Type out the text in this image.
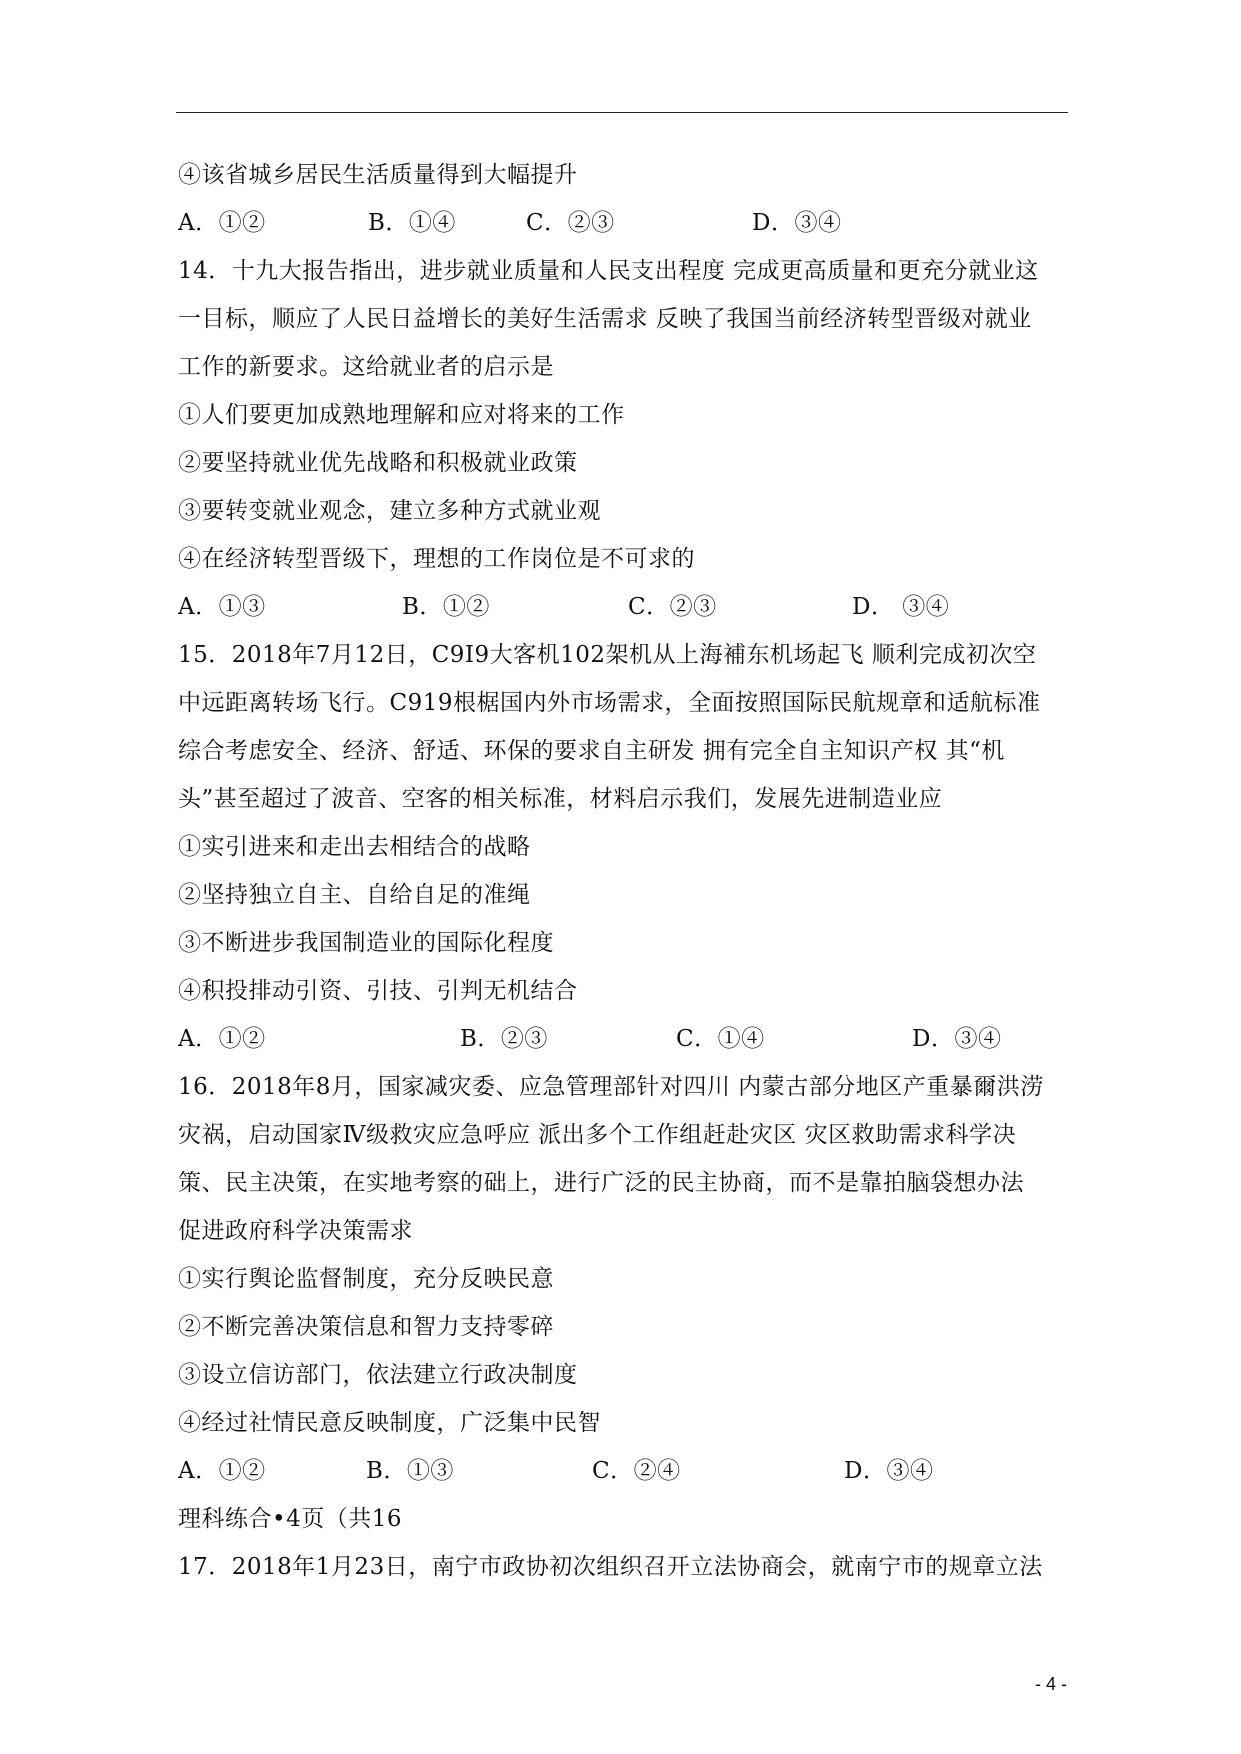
④该省城乡居民生活质量得到大幅提升
A．①②	B．①④	C．②③	D．③④
14．十九大报告指出，进步就业质量和人民支出程度 完成更高质量和更充分就业这
一目标，顺应了人民日益增长的美好生活需求 反映了我国当前经济转型晋级对就业
工作的新要求。这给就业者的启示是
①人们要更加成熟地理解和应对将来的工作
②要坚持就业优先战略和积极就业政策
③要转变就业观念，建立多种方式就业观
④在经济转型晋级下，理想的工作岗位是不可求的
A．①③	B．①②	C．②③	D． ③④
15．2018年7月12日，C9I9大客机102架机从上海補东机场起飞 顺利完成初次空
中远距离转场飞行。C919根椐国内外市场需求，全面按照国际民航规章和适航标准
综合考虑安全、经济、舒适、环保的要求自主研发 拥有完全自主知识产权 其“机
头”甚至超过了波音、空客的相关标准，材料启示我们，发展先进制造业应
①实引进来和走出去相结合的战略
②坚持独立自主、自给自足的准绳
③不断进步我国制造业的国际化程度
④积投排动引资、引技、引判无机结合
A．①②	B．②③	C．①④	D．③④
16．2018年8月，国家减灾委、应急管理部针对四川 内蒙古部分地区产重暴爾洪涝
灾祸，启动国家Ⅳ级救灾应急呼应 派出多个工作组赶赴灾区 灾区救助需求科学决
策、民主决策，在实地考察的础上，进行广泛的民主协商，而不是靠拍脑袋想办法
促进政府科学决策需求
①实行舆论监督制度，充分反映民意
②不断完善决策信息和智力支持零碎
③设立信访部门，依法建立行政决制度
④经过社情民意反映制度，广泛集中民智
A．①②	B．①③	C．②④	D．③④
理科练合•4页（共16
17．2018年1月23日，南宁市政协初次组织召开立法协商会，就南宁市的规章立法
- 4 -
